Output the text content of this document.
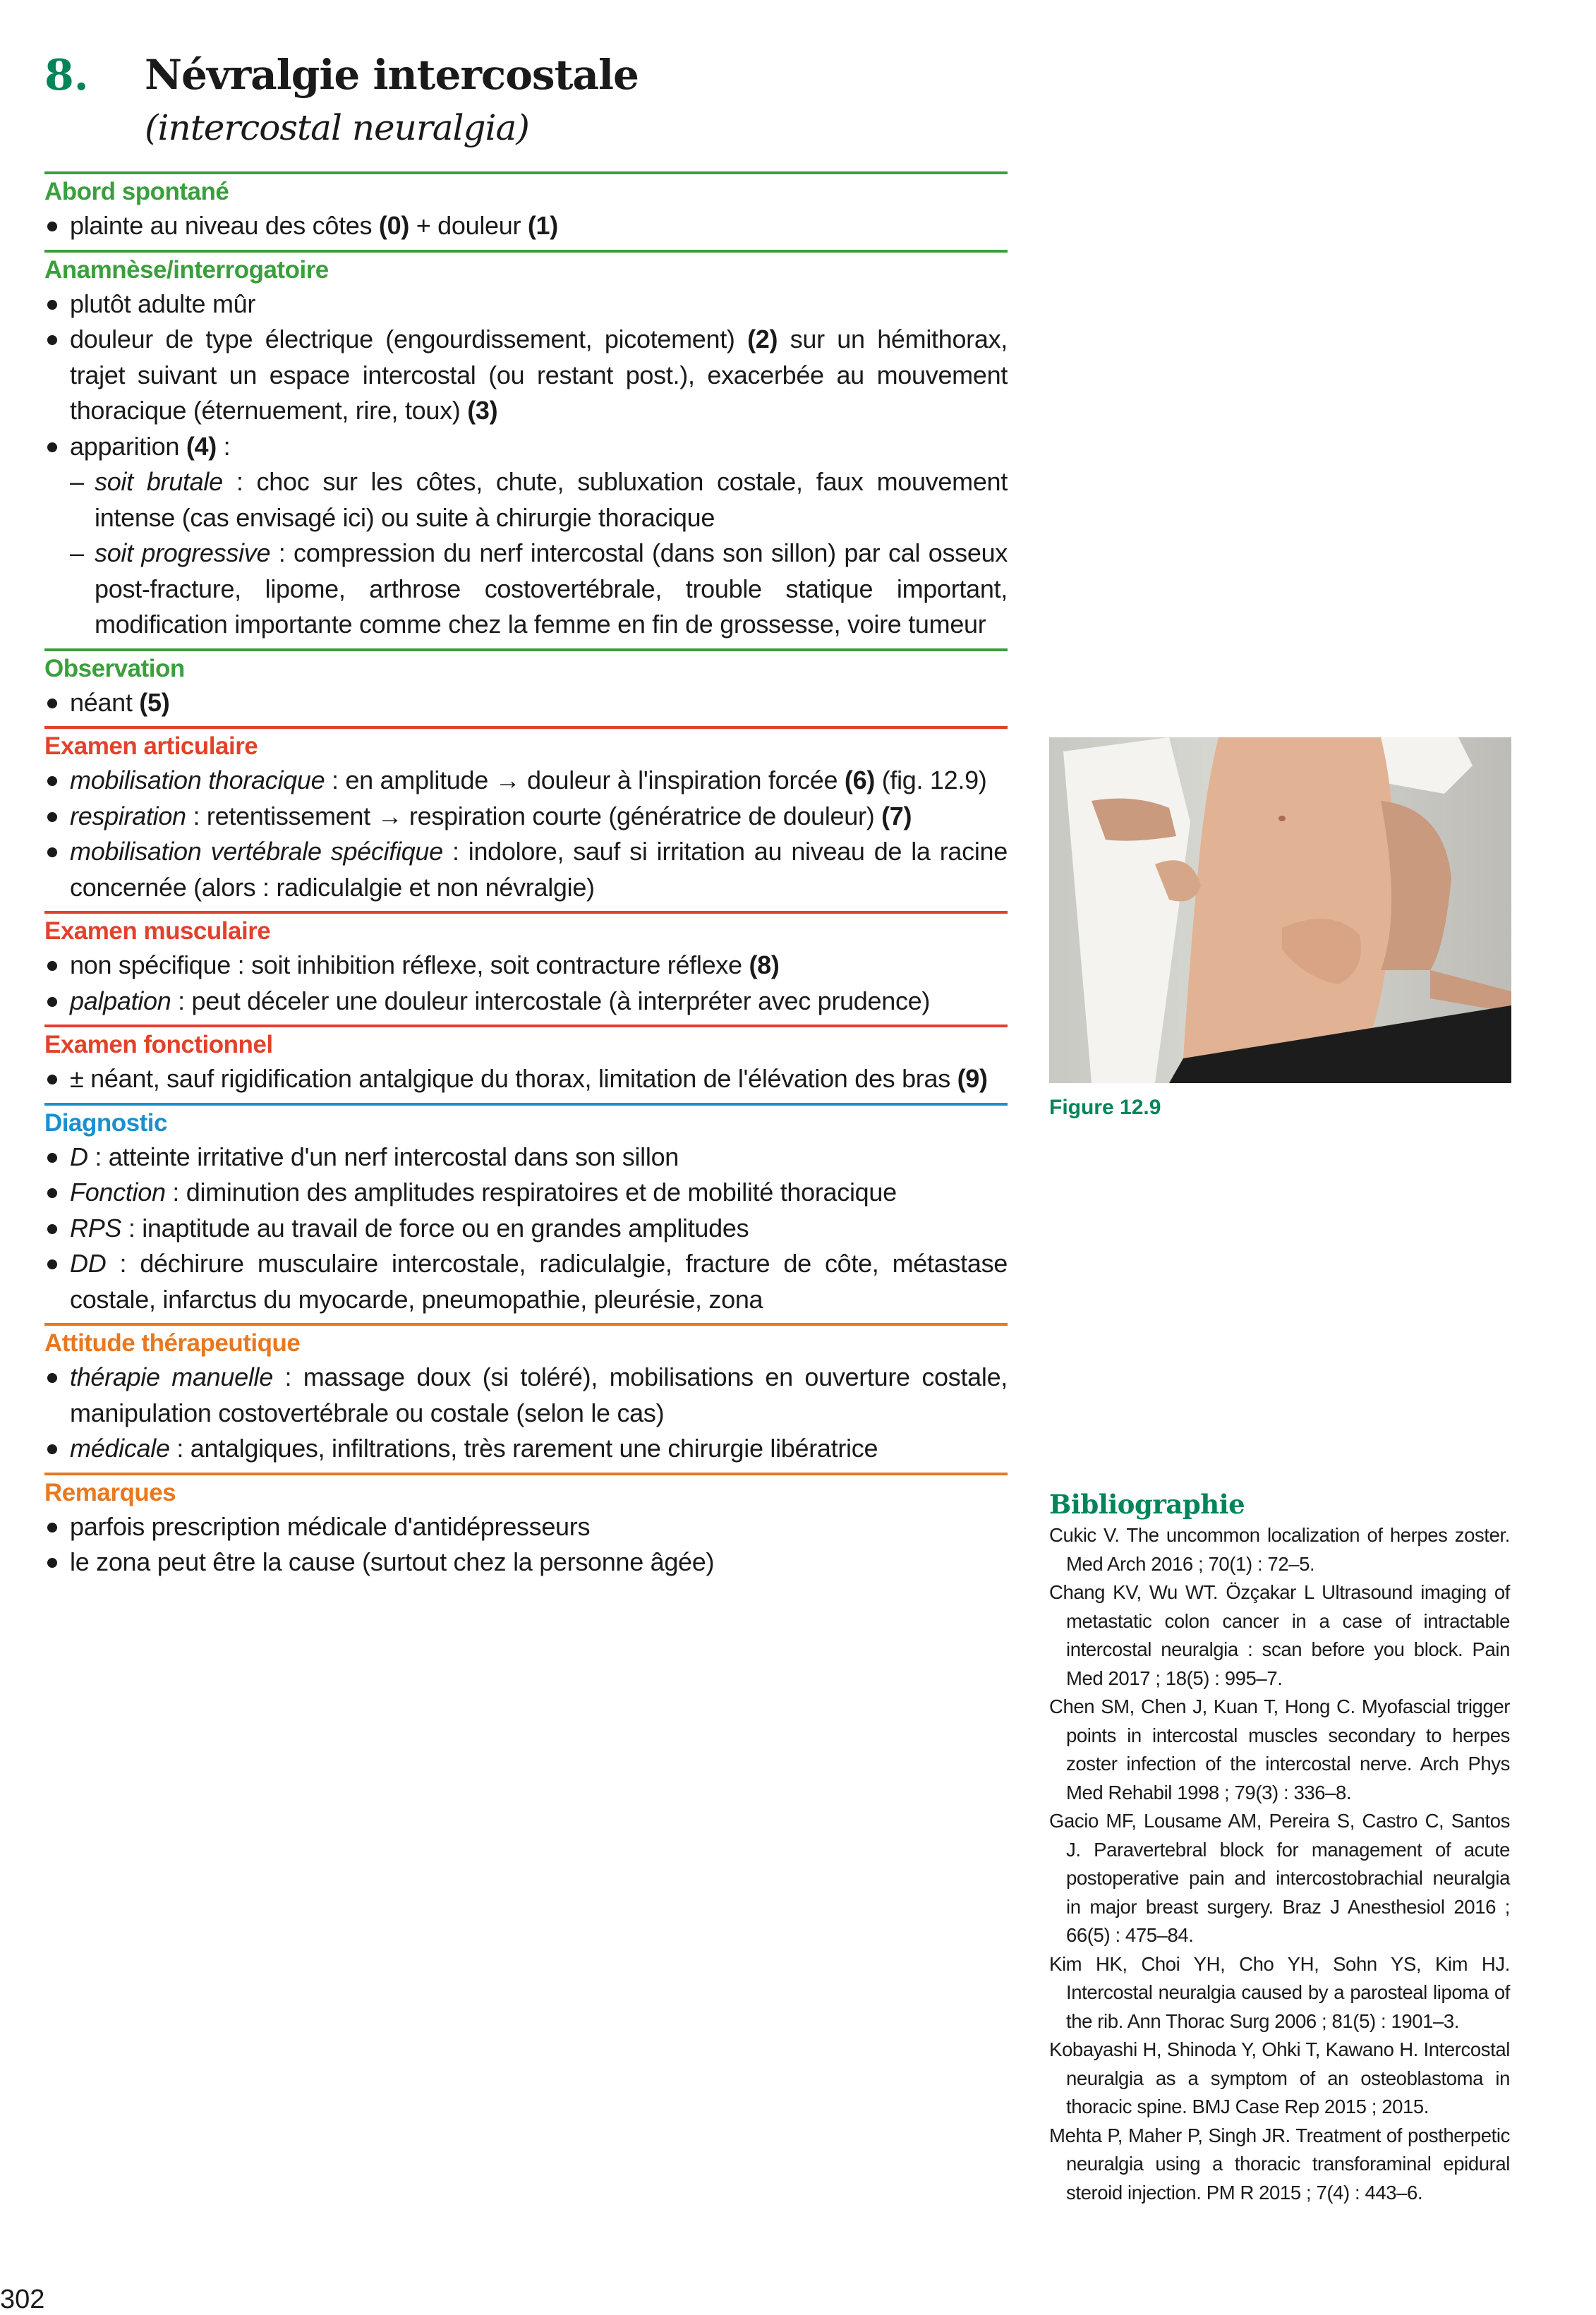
8. Névralgie intercostale
(intercostal neuralgia)
Abord spontané
plainte au niveau des côtes (0) + douleur (1)
Anamnèse/interrogatoire
plutôt adulte mûr
douleur de type électrique (engourdissement, picotement) (2) sur un hémithorax, trajet suivant un espace intercostal (ou restant post.), exacerbée au mouvement thoracique (éternuement, rire, toux) (3)
apparition (4) :
– soit brutale : choc sur les côtes, chute, subluxation costale, faux mouvement intense (cas envisagé ici) ou suite à chirurgie thoracique
– soit progressive : compression du nerf intercostal (dans son sillon) par cal osseux post-fracture, lipome, arthrose costovertébrale, trouble statique important, modification importante comme chez la femme en fin de grossesse, voire tumeur
Observation
néant (5)
Examen articulaire
mobilisation thoracique : en amplitude → douleur à l'inspiration forcée (6) (fig. 12.9)
respiration : retentissement → respiration courte (génératrice de douleur) (7)
mobilisation vertébrale spécifique : indolore, sauf si irritation au niveau de la racine concernée (alors : radiculalgie et non névralgie)
Examen musculaire
non spécifique : soit inhibition réflexe, soit contracture réflexe (8)
palpation : peut déceler une douleur intercostale (à interpréter avec prudence)
Examen fonctionnel
± néant, sauf rigidification antalgique du thorax, limitation de l'élévation des bras (9)
Diagnostic
D : atteinte irritative d'un nerf intercostal dans son sillon
Fonction : diminution des amplitudes respiratoires et de mobilité thoracique
RPS : inaptitude au travail de force ou en grandes amplitudes
DD : déchirure musculaire intercostale, radiculalgie, fracture de côte, métastase costale, infarctus du myocarde, pneumopathie, pleurésie, zona
Attitude thérapeutique
thérapie manuelle : massage doux (si toléré), mobilisations en ouverture costale, manipulation costovertébrale ou costale (selon le cas)
médicale : antalgiques, infiltrations, très rarement une chirurgie libératrice
Remarques
parfois prescription médicale d'antidépresseurs
le zona peut être la cause (surtout chez la personne âgée)
Figure 12.9
Bibliographie
Cukic V. The uncommon localization of herpes zoster. Med Arch 2016 ; 70(1) : 72–5.
Chang KV, Wu WT. Özçakar L Ultrasound imaging of metastatic colon cancer in a case of intractable intercostal neuralgia : scan before you block. Pain Med 2017 ; 18(5) : 995–7.
Chen SM, Chen J, Kuan T, Hong C. Myofascial trigger points in intercostal muscles secondary to herpes zoster infection of the intercostal nerve. Arch Phys Med Rehabil 1998 ; 79(3) : 336–8.
Gacio MF, Lousame AM, Pereira S, Castro C, Santos J. Paravertebral block for management of acute postoperative pain and intercostobrachial neuralgia in major breast surgery. Braz J Anesthesiol 2016 ; 66(5) : 475–84.
Kim HK, Choi YH, Cho YH, Sohn YS, Kim HJ. Intercostal neuralgia caused by a parosteal lipoma of the rib. Ann Thorac Surg 2006 ; 81(5) : 1901–3.
Kobayashi H, Shinoda Y, Ohki T, Kawano H. Intercostal neuralgia as a symptom of an osteoblastoma in thoracic spine. BMJ Case Rep 2015 ; 2015.
Mehta P, Maher P, Singh JR. Treatment of postherpetic neuralgia using a thoracic transforaminal epidural steroid injection. PM R 2015 ; 7(4) : 443–6.
302
